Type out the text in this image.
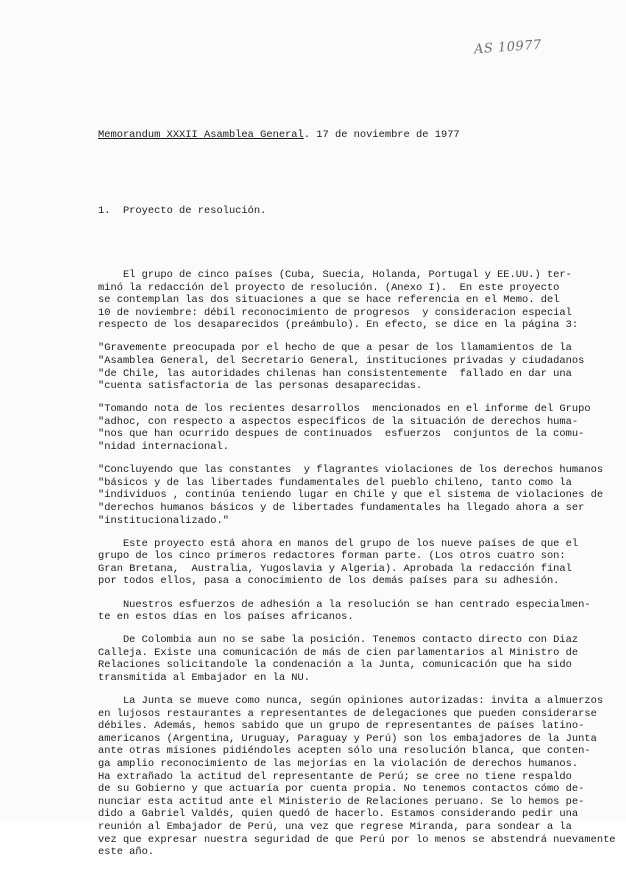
AS 10977

Memorandum XXXII Asamblea General. 17 de noviembre de 1977

1.  Proyecto de resolución.

El grupo de cinco países (Cuba, Suecia, Holanda, Portugal y EE.UU.) ter-
minó la redacción del proyecto de resolución. (Anexo I).  En este proyecto
se contemplan las dos situaciones a que se hace referencia en el Memo. del
10 de noviembre: débil reconocimiento de progresos  y consideracion especial
respecto de los desaparecidos (preámbulo). En efecto, se dice en la página 3:
"Gravemente preocupada por el hecho de que a pesar de los llamamientos de la
"Asamblea General, del Secretario General, instituciones privadas y ciudadanos
"de Chile, las autoridades chilenas han consistentemente  fallado en dar una
"cuenta satisfactoria de las personas desaparecidas.
"Tomando nota de los recientes desarrollos  mencionados en el informe del Grupo
"adhoc, con respecto a aspectos específicos de la situación de derechos huma-
"nos que han ocurrido despues de continuados  esfuerzos  conjuntos de la comu-
"nidad internacional.
"Concluyendo que las constantes  y flagrantes violaciones de los derechos humanos
"básicos y de las libertades fundamentales del pueblo chileno, tanto como la
"individuos , continúa teniendo lugar en Chile y que el sistema de violaciones de
"derechos humanos básicos y de libertades fundamentales ha llegado ahora a ser
"institucionalizado."
Este proyecto está ahora en manos del grupo de los nueve países de que el
grupo de los cinco primeros redactores forman parte. (Los otros cuatro son:
Gran Bretana,  Australia, Yugoslavia y Algeria). Aprobada la redacción final
por todos ellos, pasa a conocimiento de los demás países para su adhesión.
Nuestros esfuerzos de adhesión a la resolución se han centrado especialmen-
te en estos días en los países africanos.
De Colombia aun no se sabe la posición. Tenemos contacto directo con Diaz
Calleja. Existe una comunicación de más de cien parlamentarios al Ministro de
Relaciones solicitandole la condenación a la Junta, comunicación que ha sido
transmitida al Embajador en la NU.
La Junta se mueve como nunca, según opiniones autorizadas: invita a almuerzos
en lujosos restaurantes a representantes de delegaciones que pueden considerarse
débiles. Además, hemos sabido que un grupo de representantes de países latino-
americanos (Argentina, Uruguay, Paraguay y Perú) son los embajadores de la Junta
ante otras misiones pidiéndoles acepten sólo una resolución blanca, que conten-
ga amplio reconocimiento de las mejorías en la violación de derechos humanos.
Ha extrañado la actitud del representante de Perú; se cree no tiene respaldo
de su Gobierno y que actuaría por cuenta propia. No tenemos contactos cómo de-
nunciar esta actitud ante el Ministerio de Relaciones peruano. Se lo hemos pe-
dido a Gabriel Valdés, quien quedó de hacerlo. Estamos considerando pedir una
reunión al Embajador de Perú, una vez que regrese Miranda, para sondear a la
vez que expresar nuestra seguridad de que Perú por lo menos se abstendrá nuevamente
este año.
